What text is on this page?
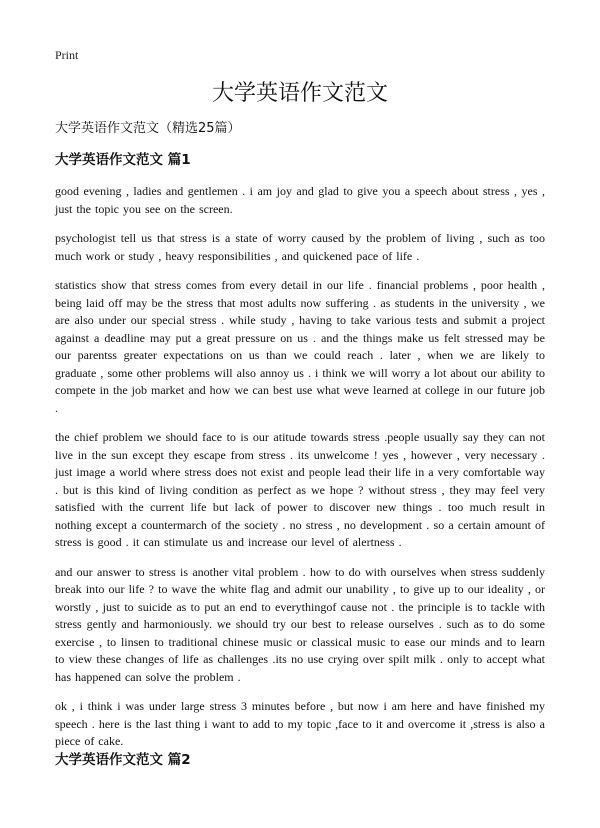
Print
大学英语作文范文
大学英语作文范文（精选25篇）
大学英语作文范文 篇1

good evening , ladies and gentlemen . i am joy and glad to give you a speech about stress , yes , just the topic you see on the screen.

psychologist tell us that stress is a state of worry caused by the problem of living , such as too much work or study , heavy responsibilities , and quickened pace of life .

statistics show that stress comes from every detail in our life . financial problems , poor health , being laid off may be the stress that most adults now suffering . as students in the university , we are also under our special stress . while study , having to take various tests and submit a project against a deadline may put a great pressure on us . and the things make us felt stressed may be our parentss greater expectations on us than we could reach . later , when we are likely to graduate , some other problems will also annoy us . i think we will worry a lot about our ability to compete in the job market and how we can best use what weve learned at college in our future job .

the chief problem we should face to is our atitude towards stress .people usually say they can not live in the sun except they escape from stress . its unwelcome ! yes , however , very necessary . just image a world where stress does not exist and people lead their life in a very comfortable way . but is this kind of living condition as perfect as we hope ? without stress , they may feel very satisfied with the current life but lack of power to discover new things . too much result in nothing except a countermarch of the society . no stress , no development . so a certain amount of stress is good . it can stimulate us and increase our level of alertness .

and our answer to stress is another vital problem . how to do with ourselves when stress suddenly break into our life ? to wave the white flag and admit our unability , to give up to our ideality , or worstly , just to suicide as to put an end to everythingof cause not . the principle is to tackle with stress gently and harmoniously. we should try our best to release ourselves . such as to do some exercise , to linsen to traditional chinese music or classical music to ease our minds and to learn to view these changes of life as challenges .its no use crying over spilt milk . only to accept what has happened can solve the problem .

ok , i think i was under large stress 3 minutes before , but now i am here and have finished my speech . here is the last thing i want to add to my topic ,face to it and overcome it ,stress is also a piece of cake.

大学英语作文范文 篇2
